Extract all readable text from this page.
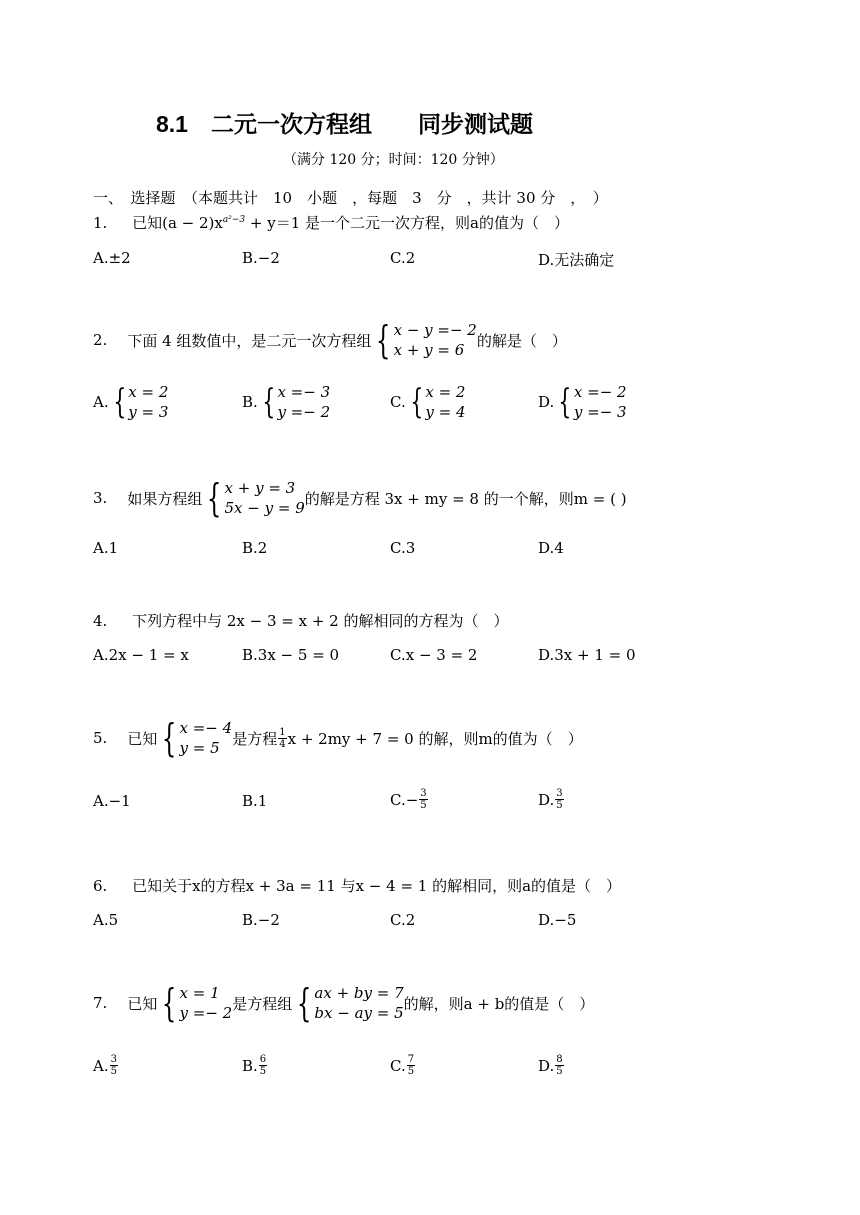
8.1　二元一次方程组　　同步测试题
（满分 120 分；时间：120 分钟）
一、　选择题　（本题共计　10　小题　，每题　3　分　，共计 30 分　，　）
1. 已知$(a - 2)x^{a^2-3} + y=1$ 是一个二元一次方程，则a的值为（　）
A.±2	B.−2	C.2	D.无法确定
2. 下面 4 组数值中，是二元一次方程组 { x − y =− 2
x + y = 6
的解是（　）
A. { x = 2
y = 3
B. { x =− 3
y =− 2
C. { x = 2
y = 4
D. { x =− 2
y =− 3
3. 如果方程组 { x + y = 3
5x − y = 9
的解是方程 3x + my = 8 的一个解，则m = ( )
A.1	B.2	C.3	D.4
4. 下列方程中与 2x − 3 = x + 2 的解相同的方程为（　）
A.2x − 1 = x	B.3x − 5 = 0	C.x − 3 = 2	D.3x + 1 = 0
5. 已知 { x =− 4
y = 5
是方程 $\frac{1}{4}$ x + 2my + 7 = 0 的解，则m的值为（　）
A.−1	B.1	$C.- \frac{3}{5}$	D. $\frac{3}{5}$
6. 已知关于x的方程x + 3a = 11 与x − 4 = 1 的解相同，则a的值是（　）
A.5	B.−2	C.2	D.−5
7. 已知 { x = 1
y =− 2
是方程组 { ax + by = 7
bx − ay = 5
的解，则a + b的值是（　）
A. $\frac{3}{5}$	B. $\frac{6}{5}$	C. $\frac{7}{5}$	D. $\frac{8}{5}$
